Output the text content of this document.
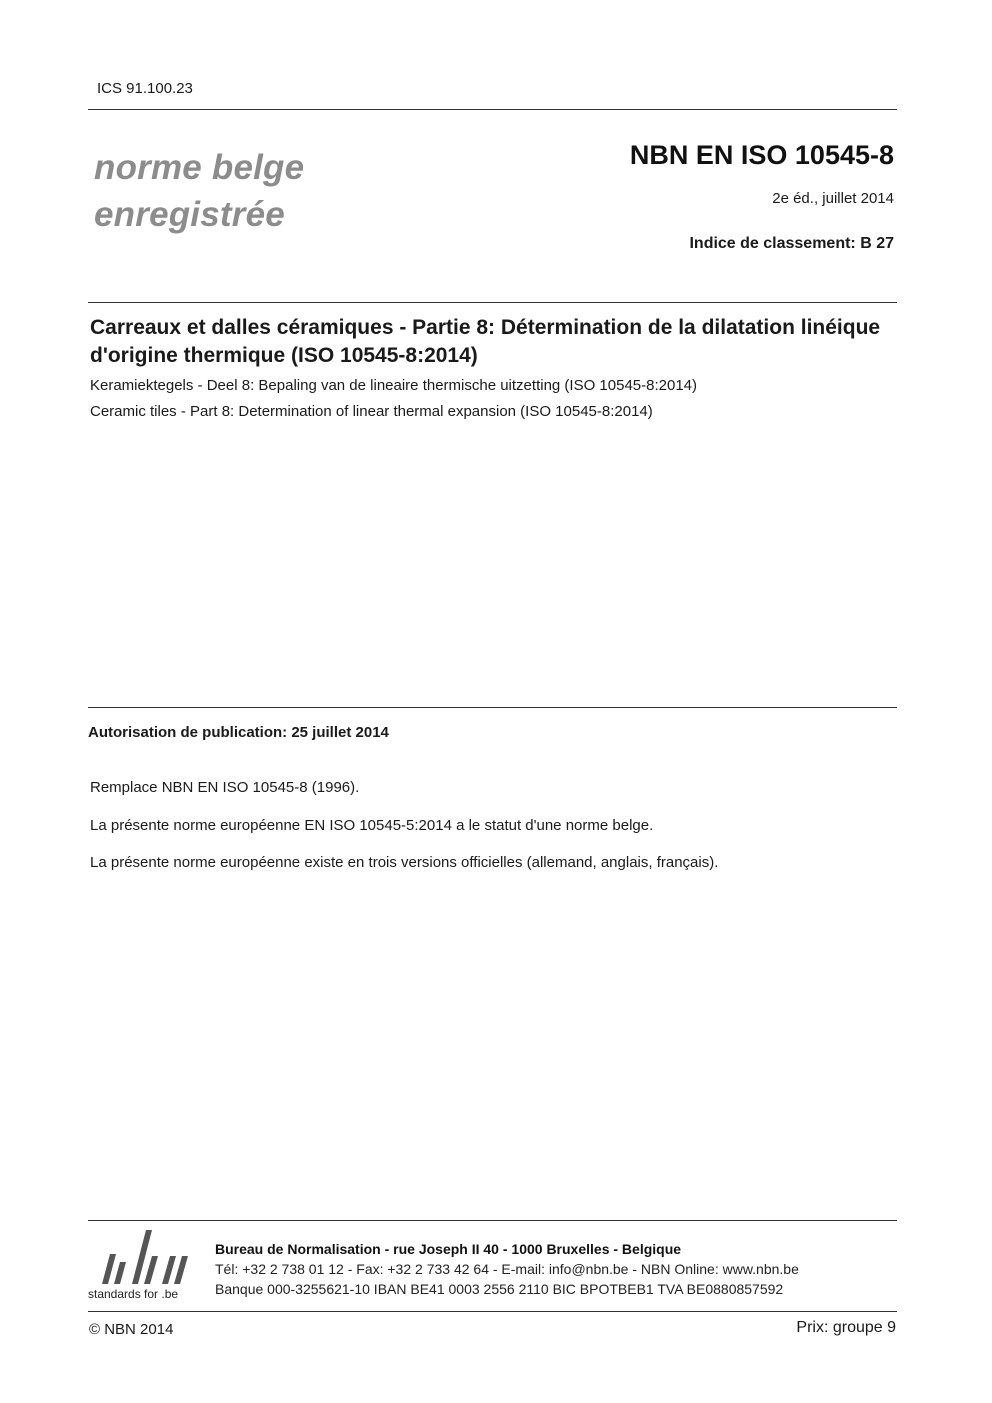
ICS 91.100.23
norme belge
enregistrée
NBN EN ISO 10545-8
2e éd., juillet 2014
Indice de classement: B 27
Carreaux et dalles céramiques - Partie 8: Détermination de la dilatation linéique d'origine thermique (ISO 10545-8:2014)
Keramiektegels - Deel 8: Bepaling van de lineaire thermische uitzetting (ISO 10545-8:2014)
Ceramic tiles - Part 8: Determination of linear thermal expansion (ISO 10545-8:2014)
Autorisation de publication: 25 juillet 2014
Remplace NBN EN ISO 10545-8 (1996).
La présente norme européenne EN ISO 10545-5:2014 a le statut d'une norme belge.
La présente norme européenne existe en trois versions officielles (allemand, anglais, français).
standards for .be
Bureau de Normalisation - rue Joseph II 40 - 1000 Bruxelles - Belgique
Tél: +32 2 738 01 12 - Fax: +32 2 733 42 64 - E-mail: info@nbn.be - NBN Online: www.nbn.be
Banque 000-3255621-10 IBAN BE41 0003 2556 2110 BIC BPOTBEB1 TVA BE0880857592
© NBN 2014	Prix: groupe 9
